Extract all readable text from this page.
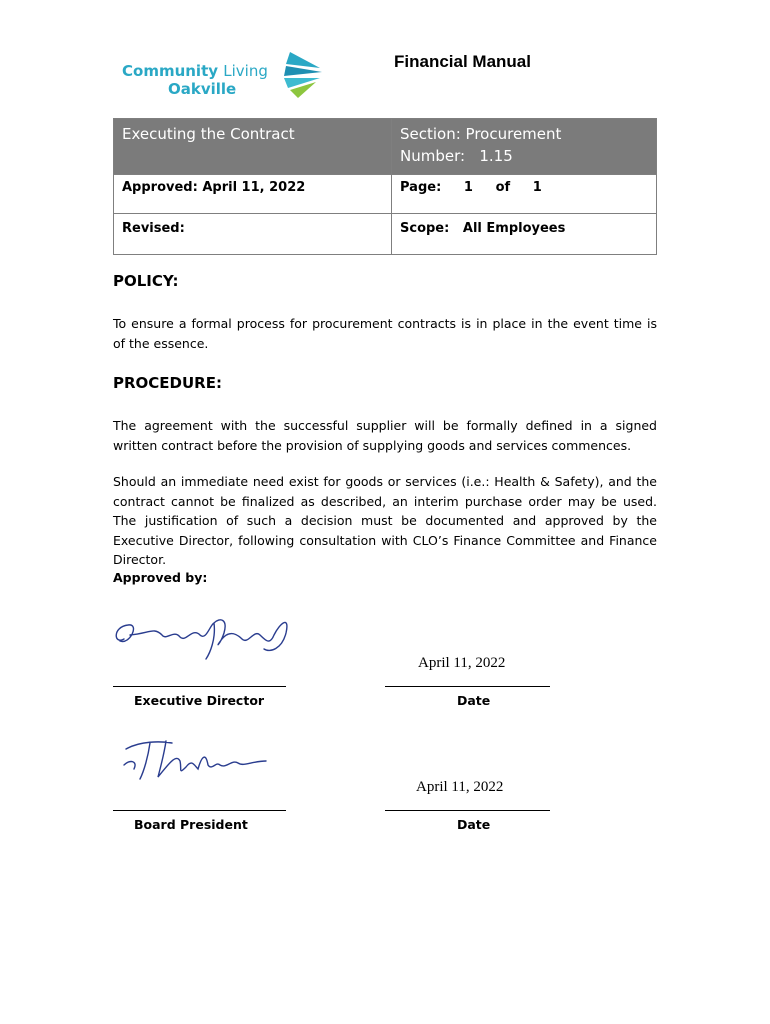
Community Living
Oakville
Financial Manual
Executing the Contract	Section: Procurement
Number:   1.15

Approved: April 11, 2022	Page:     1     of     1
Revised:	Scope:   All Employees
POLICY:
To ensure a formal process for procurement contracts is in place in the event time is of the essence.
PROCEDURE:
The agreement with the successful supplier will be formally defined in a signed written contract before the provision of supplying goods and services commences.
Should an immediate need exist for goods or services (i.e.: Health & Safety), and the contract cannot be finalized as described, an interim purchase order may be used. The justification of such a decision must be documented and approved by the Executive Director, following consultation with CLO’s Finance Committee and Finance Director.
Approved by:
Executive Director
April 11, 2022
Date
Board President
April 11, 2022
Date
